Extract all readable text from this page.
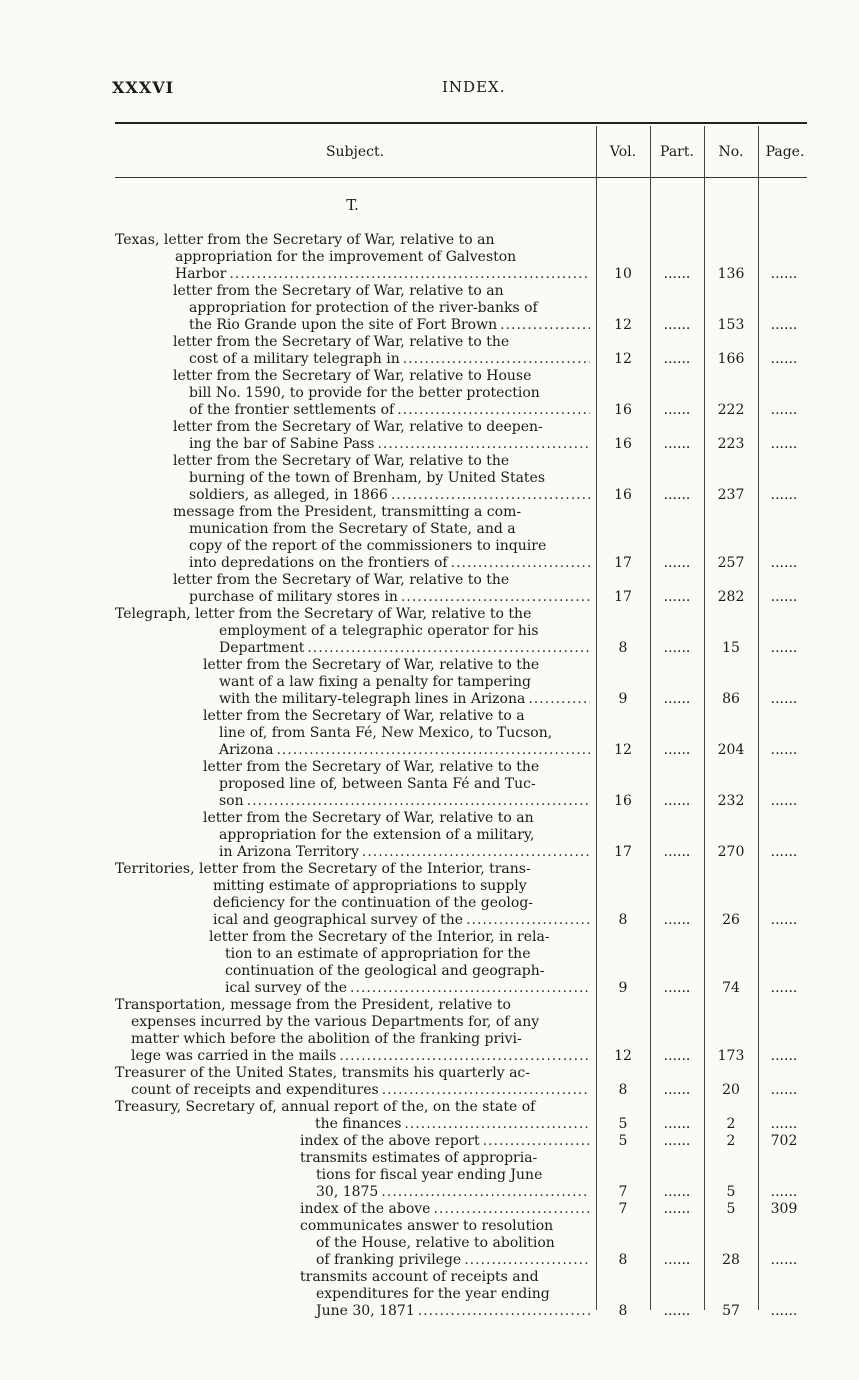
XXXVI	INDEX.
Subject.	Vol.	Part.	No.	Page.
T.
Texas, letter from the Secretary of War, relative to an
appropriation for the improvement of Galveston
Harbor .....	10	......	136	......
letter from the Secretary of War, relative to an
appropriation for protection of the river-banks of
the Rio Grande upon the site of Fort Brown .....	12	......	153	......
letter from the Secretary of War, relative to the
cost of a military telegraph in .....	12	......	166	......
letter from the Secretary of War, relative to House
bill No. 1590, to provide for the better protection
of the frontier settlements of .....	16	......	222	......
letter from the Secretary of War, relative to deepen-
ing the bar of Sabine Pass .....	16	......	223	......
letter from the Secretary of War, relative to the
burning of the town of Brenham, by United States
soldiers, as alleged, in 1866 .....	16	......	237	......
message from the President, transmitting a com-
munication from the Secretary of State, and a
copy of the report of the commissioners to inquire
into depredations on the frontiers of .....	17	......	257	......
letter from the Secretary of War, relative to the
purchase of military stores in .....	17	......	282	......
Telegraph, letter from the Secretary of War, relative to the
employment of a telegraphic operator for his
Department .....	8	......	15	......
letter from the Secretary of War, relative to the
want of a law fixing a penalty for tampering
with the military-telegraph lines in Arizona .....	9	......	86	......
letter from the Secretary of War, relative to a
line of, from Santa Fé, New Mexico, to Tucson,
Arizona .....	12	......	204	......
letter from the Secretary of War, relative to the
proposed line of, between Santa Fé and Tuc-
son .....	16	......	232	......
letter from the Secretary of War, relative to an
appropriation for the extension of a military,
in Arizona Territory .....	17	......	270	......
Territories, letter from the Secretary of the Interior, trans-
mitting estimate of appropriations to supply
deficiency for the continuation of the geolog-
ical and geographical survey of the .....	8	......	26	......
letter from the Secretary of the Interior, in rela-
tion to an estimate of appropriation for the
continuation of the geological and geograph-
ical survey of the .....	9	......	74	......
Transportation, message from the President, relative to
expenses incurred by the various Departments for, of any
matter which before the abolition of the franking privi-
lege was carried in the mails .....	12	......	173	......
Treasurer of the United States, transmits his quarterly ac-
count of receipts and expenditures .....	8	......	20	......
Treasury, Secretary of, annual report of the, on the state of
the finances .....	5	......	2	......
index of the above report .....	5	......	2	702
transmits estimates of appropria-
tions for fiscal year ending June
30, 1875 .....	7	......	5	......
index of the above .....	7	......	5	309
communicates answer to resolution
of the House, relative to abolition
of franking privilege .....	8	......	28	......
transmits account of receipts and
expenditures for the year ending
June 30, 1871 .....	8	......	57	......
